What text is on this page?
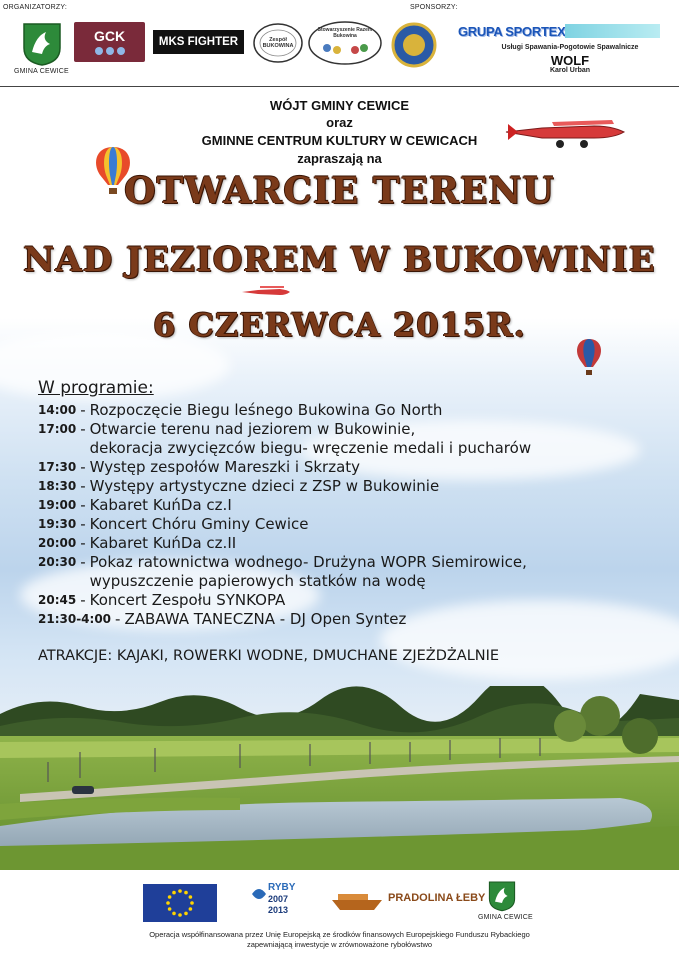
ORGANIZATORZY:	SPONSORZY:
GMINA CEWICE
GCK	MKS FIGHTER	Zespół BUKOWINA
Stowarzyszenie Razem Bukowina	GRUPA SPORTEX
Usługi Spawania-Pogotowie Spawalnicze
WOLF
Karol Urban
WÓJT GMINY CEWICE
oraz
GMINNE CENTRUM KULTURY W CEWICACH
zapraszają na
OTWARCIE TERENU
NAD JEZIOREM W BUKOWINIE
6 CZERWCA 2015R.
W programie:
14:00 - Rozpoczęcie Biegu leśnego Bukowina Go North
17:00 - Otwarcie terenu nad jeziorem w Bukowinie,
dekoracja zwycięzców biegu- wręczenie medali i pucharów
17:30 - Występ zespołów Mareszki i Skrzaty
18:30 - Występy artystyczne dzieci z ZSP w Bukowinie
19:00 - Kabaret KuńDa cz.I
19:30 - Koncert Chóru Gminy Cewice
20:00 - Kabaret KuńDa cz.II
20:30 - Pokaz ratownictwa wodnego- Drużyna WOPR Siemirowice,
wypuszczenie papierowych statków na wodę
20:45 - Koncert Zespołu SYNKOPA
21:30-4:00 - ZABAWA TANECZNA - DJ Open Syntez
ATRAKCJE: KAJAKI, ROWERKI WODNE, DMUCHANE ZJEŻDŻALNIE
RYBY
2007
2013
PRADOLINA ŁEBY
GMINA CEWICE
Operacja współfinansowana przez Unię Europejską ze środków finansowych Europejskiego Funduszu Rybackiego
zapewniającą inwestycje w zrównoważone rybołówstwo
